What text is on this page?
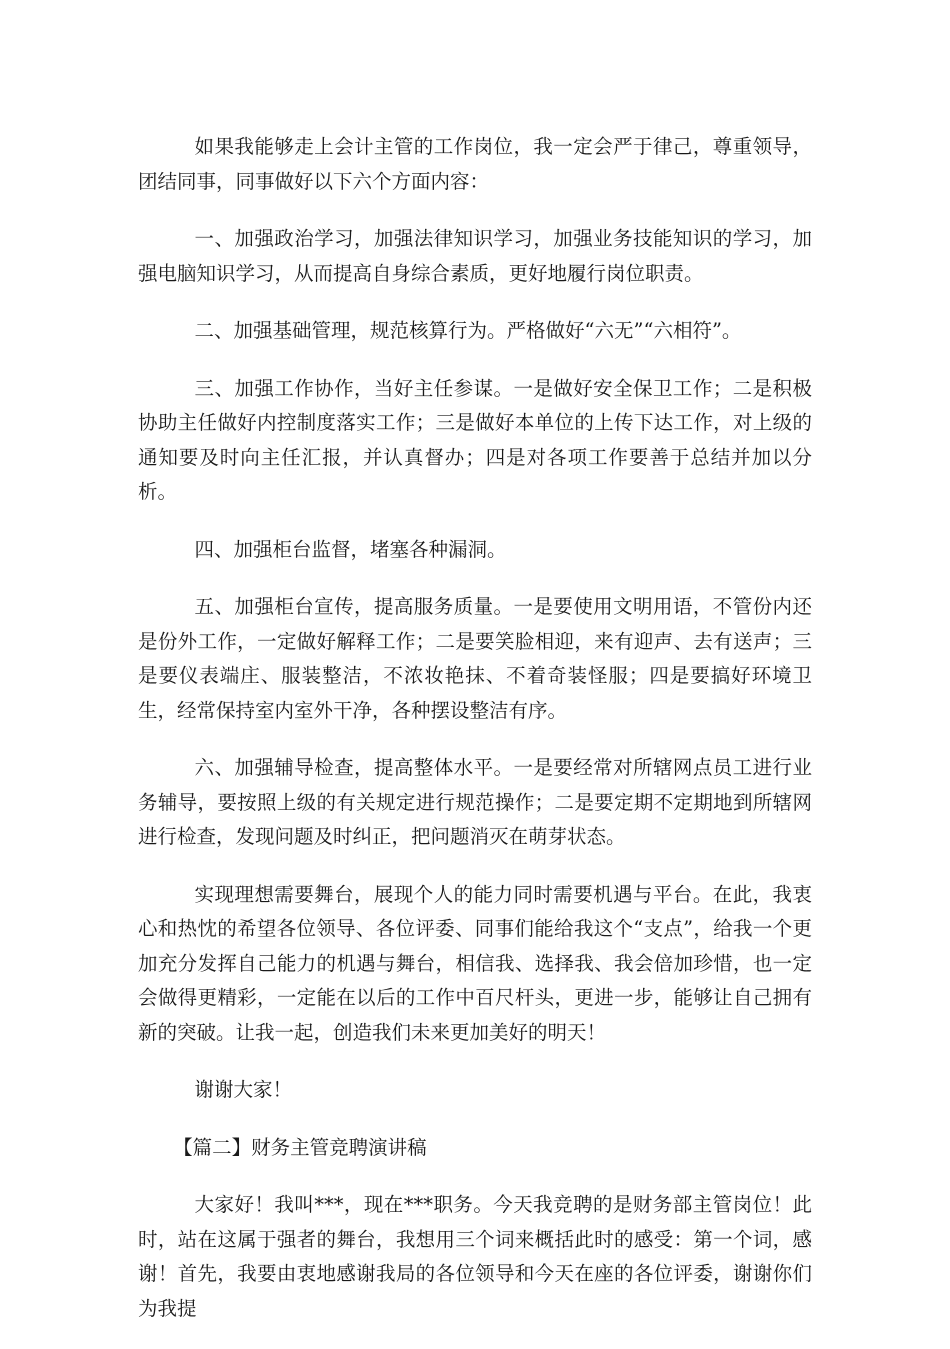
如果我能够走上会计主管的工作岗位，我一定会严于律己，尊重领导，团结同事，同事做好以下六个方面内容：

一、加强政治学习，加强法律知识学习，加强业务技能知识的学习，加强电脑知识学习，从而提高自身综合素质，更好地履行岗位职责。

二、加强基础管理，规范核算行为。严格做好“六无”“六相符”。

三、加强工作协作，当好主任参谋。一是做好安全保卫工作；二是积极协助主任做好内控制度落实工作；三是做好本单位的上传下达工作，对上级的通知要及时向主任汇报，并认真督办；四是对各项工作要善于总结并加以分析。

四、加强柜台监督，堵塞各种漏洞。

五、加强柜台宣传，提高服务质量。一是要使用文明用语，不管份内还是份外工作，一定做好解释工作；二是要笑脸相迎，来有迎声、去有送声；三是要仪表端庄、服装整洁，不浓妆艳抹、不着奇装怪服；四是要搞好环境卫生，经常保持室内室外干净，各种摆设整洁有序。

六、加强辅导检查，提高整体水平。一是要经常对所辖网点员工进行业务辅导，要按照上级的有关规定进行规范操作；二是要定期不定期地到所辖网进行检查，发现问题及时纠正，把问题消灭在萌芽状态。

实现理想需要舞台，展现个人的能力同时需要机遇与平台。在此，我衷心和热忱的希望各位领导、各位评委、同事们能给我这个“支点”，给我一个更加充分发挥自己能力的机遇与舞台，相信我、选择我、我会倍加珍惜，也一定会做得更精彩，一定能在以后的工作中百尺杆头，更进一步，能够让自己拥有新的突破。让我一起，创造我们未来更加美好的明天！

谢谢大家！

【篇二】财务主管竞聘演讲稿

大家好！我叫***，现在***职务。今天我竞聘的是财务部主管岗位！此时，站在这属于强者的舞台，我想用三个词来概括此时的感受：第一个词，感谢！首先，我要由衷地感谢我局的各位领导和今天在座的各位评委，谢谢你们为我提
